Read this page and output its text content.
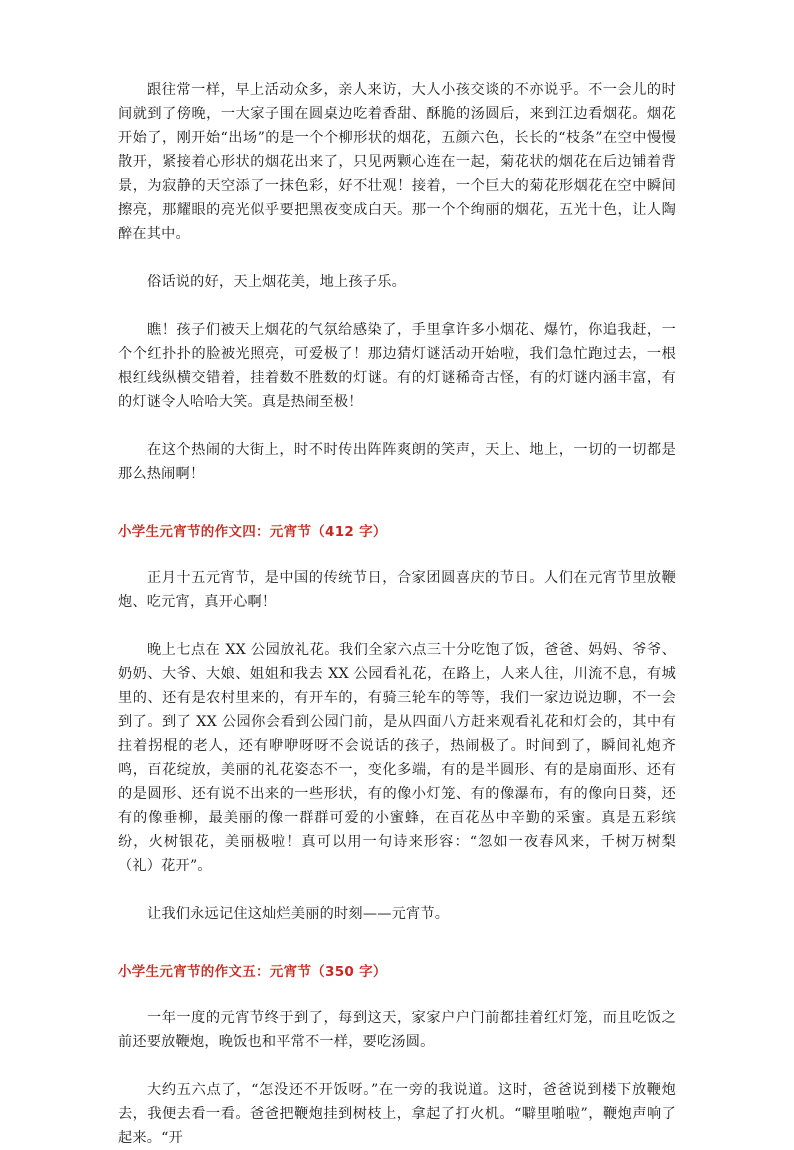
跟往常一样，早上活动众多，亲人来访，大人小孩交谈的不亦说乎。不一会儿的时间就到了傍晚，一大家子围在圆桌边吃着香甜、酥脆的汤圆后，来到江边看烟花。烟花开始了，刚开始“出场”的是一个个柳形状的烟花，五颜六色，长长的“枝条”在空中慢慢散开，紧接着心形状的烟花出来了，只见两颗心连在一起，菊花状的烟花在后边铺着背景，为寂静的天空添了一抹色彩，好不壮观！接着，一个巨大的菊花形烟花在空中瞬间擦亮，那耀眼的亮光似乎要把黑夜变成白天。那一个个绚丽的烟花，五光十色，让人陶醉在其中。

俗话说的好，天上烟花美，地上孩子乐。

瞧！孩子们被天上烟花的气氛给感染了，手里拿许多小烟花、爆竹，你追我赶，一个个红扑扑的脸被光照亮，可爱极了！那边猜灯谜活动开始啦，我们急忙跑过去，一根根红线纵横交错着，挂着数不胜数的灯谜。有的灯谜稀奇古怪，有的灯谜内涵丰富，有的灯谜令人哈哈大笑。真是热闹至极！

在这个热闹的大街上，时不时传出阵阵爽朗的笑声，天上、地上，一切的一切都是那么热闹啊！

小学生元宵节的作文四：元宵节（412 字）

正月十五元宵节，是中国的传统节日，合家团圆喜庆的节日。人们在元宵节里放鞭炮、吃元宵，真开心啊！

晚上七点在 XX 公园放礼花。我们全家六点三十分吃饱了饭，爸爸、妈妈、爷爷、奶奶、大爷、大娘、姐姐和我去 XX 公园看礼花，在路上，人来人往，川流不息，有城里的、还有是农村里来的，有开车的，有骑三轮车的等等，我们一家边说边聊，不一会到了。到了 XX 公园你会看到公园门前，是从四面八方赶来观看礼花和灯会的，其中有拄着拐棍的老人，还有咿咿呀呀不会说话的孩子，热闹极了。时间到了，瞬间礼炮齐鸣，百花绽放，美丽的礼花姿态不一，变化多端，有的是半圆形、有的是扇面形、还有的是圆形、还有说不出来的一些形状，有的像小灯笼、有的像瀑布，有的像向日葵，还有的像垂柳，最美丽的像一群群可爱的小蜜蜂，在百花丛中辛勤的采蜜。真是五彩缤纷，火树银花，美丽极啦！真可以用一句诗来形容：“忽如一夜春风来，千树万树梨（礼）花开”。

让我们永远记住这灿烂美丽的时刻——元宵节。

小学生元宵节的作文五：元宵节（350 字）

一年一度的元宵节终于到了，每到这天，家家户户门前都挂着红灯笼，而且吃饭之前还要放鞭炮，晚饭也和平常不一样，要吃汤圆。

大约五六点了，“怎没还不开饭呀。”在一旁的我说道。这时，爸爸说到楼下放鞭炮去，我便去看一看。爸爸把鞭炮挂到树枝上，拿起了打火机。“噼里啪啦”，鞭炮声响了起来。“开
